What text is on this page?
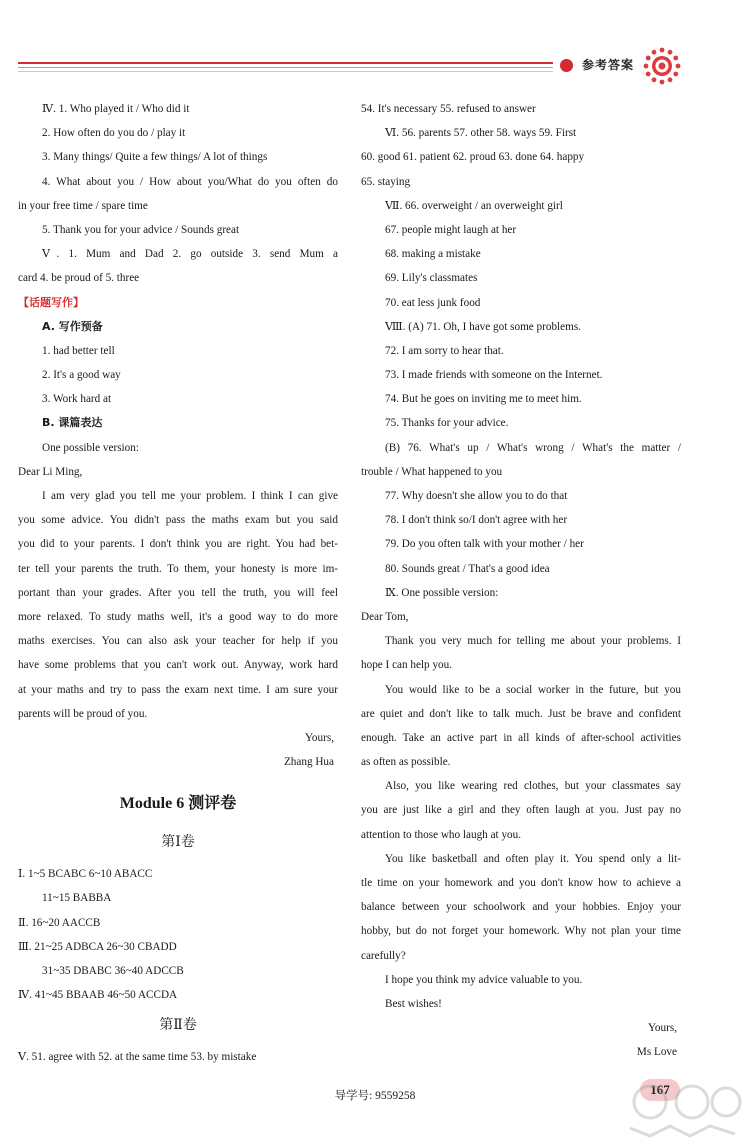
参考答案
Ⅳ. 1. Who played it / Who did it
2. How often do you do / play it
3. Many things/ Quite a few things/ A lot of things
4. What about you / How about you/What do you often do
in your free time / spare time
5. Thank you for your advice / Sounds great
Ⅴ. 1. Mum and Dad 2. go outside 3. send Mum a
card 4. be proud of 5. three
【话题写作】
A. 写作预备
1. had better tell
2. It's a good way
3. Work hard at
B. 课篇表达
One possible version:
Dear Li Ming,
I am very glad you tell me your problem. I think I can give
you some advice. You didn't pass the maths exam but you said
you did to your parents. I don't think you are right. You had bet-
ter tell your parents the truth. To them, your honesty is more im-
portant than your grades. After you tell the truth, you will feel
more relaxed. To study maths well, it's a good way to do more
maths exercises. You can also ask your teacher for help if you
have some problems that you can't work out. Anyway, work hard
at your maths and try to pass the exam next time. I am sure your
parents will be proud of you.
Yours,
Zhang Hua
Module 6 测评卷
第Ⅰ卷
Ⅰ. 1~5 BCABC 6~10 ABACC
11~15 BABBA
Ⅱ. 16~20 AACCB
Ⅲ. 21~25 ADBCA 26~30 CBADD
31~35 DBABC 36~40 ADCCB
Ⅳ. 41~45 BBAAB 46~50 ACCDA
第Ⅱ卷
Ⅴ. 51. agree with 52. at the same time 53. by mistake
54. It's necessary 55. refused to answer
Ⅵ. 56. parents 57. other 58. ways 59. First
60. good 61. patient 62. proud 63. done 64. happy
65. staying
Ⅶ. 66. overweight / an overweight girl
67. people might laugh at her
68. making a mistake
69. Lily's classmates
70. eat less junk food
Ⅷ. (A) 71. Oh, I have got some problems.
72. I am sorry to hear that.
73. I made friends with someone on the Internet.
74. But he goes on inviting me to meet him.
75. Thanks for your advice.
(B) 76. What's up / What's wrong / What's the matter /
trouble / What happened to you
77. Why doesn't she allow you to do that
78. I don't think so/I don't agree with her
79. Do you often talk with your mother / her
80. Sounds great / That's a good idea
Ⅸ. One possible version:
Dear Tom,
Thank you very much for telling me about your problems. I
hope I can help you.
You would like to be a social worker in the future, but you
are quiet and don't like to talk much. Just be brave and confident
enough. Take an active part in all kinds of after-school activities
as often as possible.
Also, you like wearing red clothes, but your classmates say
you are just like a girl and they often laugh at you. Just pay no
attention to those who laugh at you.
You like basketball and often play it. You spend only a lit-
tle time on your homework and you don't know how to achieve a
balance between your schoolwork and your hobbies. Enjoy your
hobby, but do not forget your homework. Why not plan your time
carefully?
I hope you think my advice valuable to you.
Best wishes!
Yours,
Ms Love
导学号: 9559258	167
